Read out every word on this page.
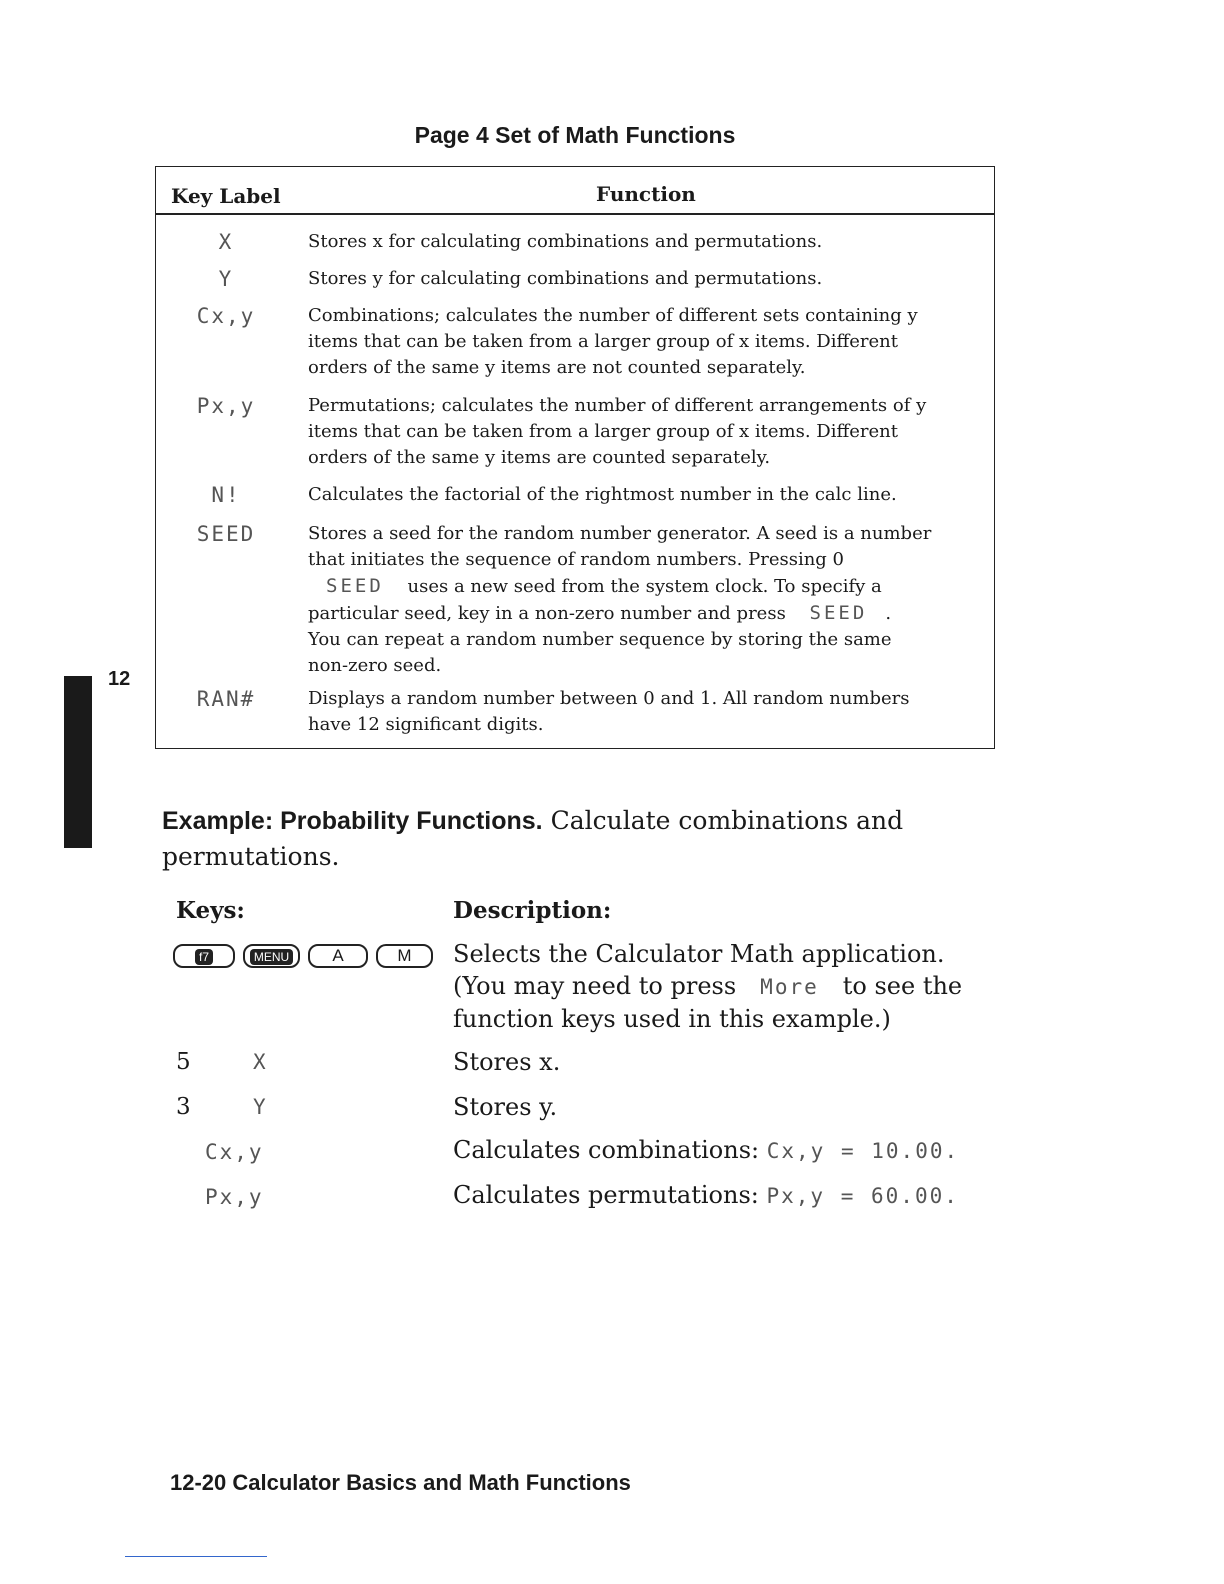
Page 4 Set of Math Functions
Key Label	Function
X	Stores x for calculating combinations and permutations.
Y	Stores y for calculating combinations and permutations.
Cx,y	Combinations; calculates the number of different sets containing y
items that can be taken from a larger group of x items. Different
orders of the same y items are not counted separately.
Px,y	Permutations; calculates the number of different arrangements of y
items that can be taken from a larger group of x items. Different
orders of the same y items are counted separately.
N!	Calculates the factorial of the rightmost number in the calc line.
SEED	Stores a seed for the random number generator. A seed is a number
that initiates the sequence of random numbers. Pressing 0
SEED uses a new seed from the system clock. To specify a
particular seed, key in a non-zero number and press SEED .
You can repeat a random number sequence by storing the same
non-zero seed.
RAN#	Displays a random number between 0 and 1. All random numbers
have 12 significant digits.
12
Example: Probability Functions. Calculate combinations and
permutations.
Keys:	Description:
f7	MENU	A	M	Selects the Calculator Math application.
(You may need to press More to see the
function keys used in this example.)
5	X	Stores x.
3	Y	Stores y.
Cx,y	Calculates combinations: Cx,y = 10.00.
Px,y	Calculates permutations: Px,y = 60.00.
12-20 Calculator Basics and Math Functions
